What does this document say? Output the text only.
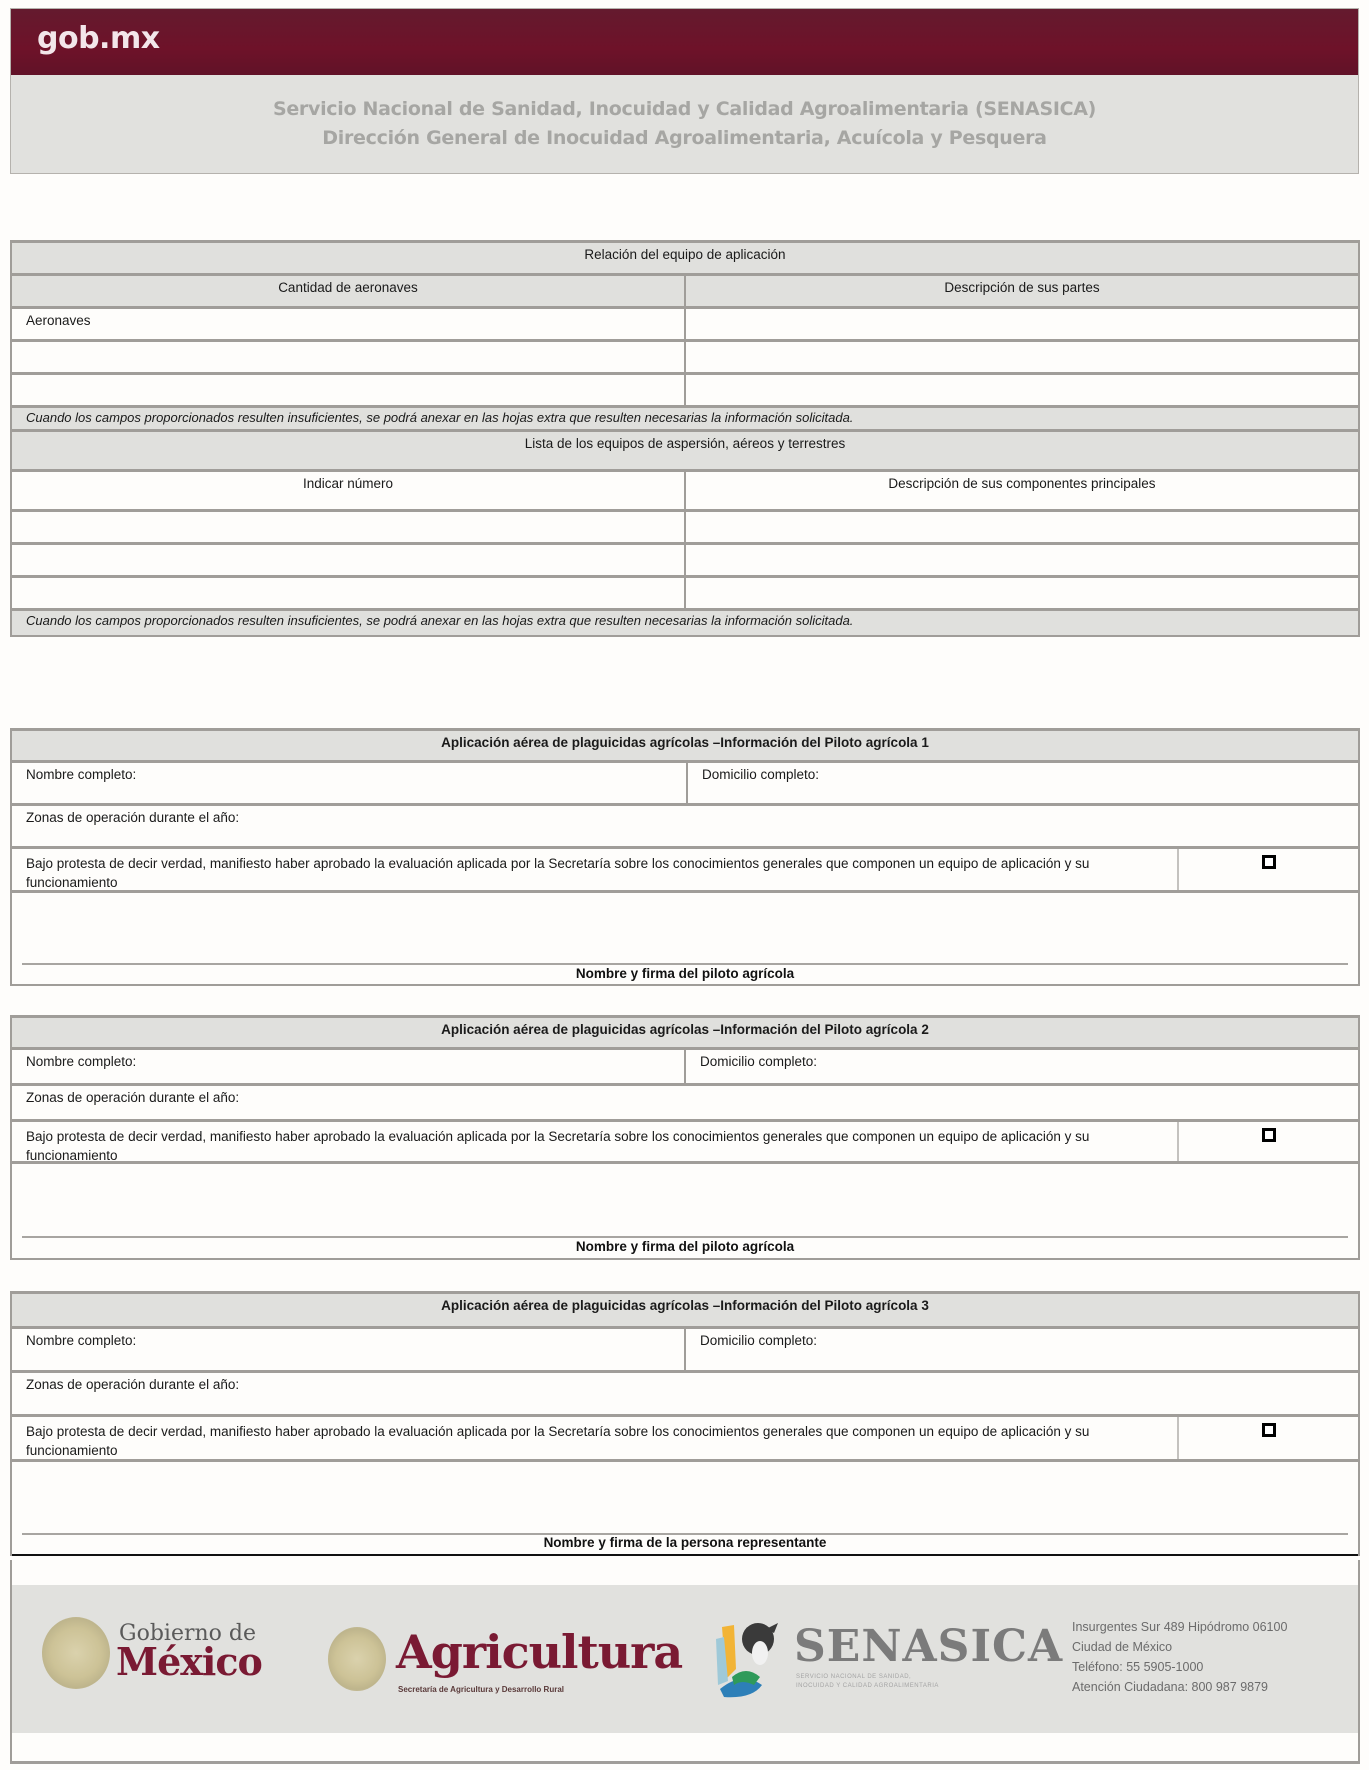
gob.mx
Servicio Nacional de Sanidad, Inocuidad y Calidad Agroalimentaria (SENASICA)
Dirección General de Inocuidad Agroalimentaria, Acuícola y Pesquera
Relación del equipo de aplicación
Cantidad de aeronaves	Descripción de sus partes
Aeronaves
Cuando los campos proporcionados resulten insuficientes, se podrá anexar en las hojas extra que resulten necesarias la información solicitada.
Lista de los equipos de aspersión, aéreos y terrestres
Indicar número	Descripción de sus componentes principales
Cuando los campos proporcionados resulten insuficientes, se podrá anexar en las hojas extra que resulten necesarias la información solicitada.
Aplicación aérea de plaguicidas agrícolas –Información del Piloto agrícola 1
Nombre completo:	Domicilio completo:
Zonas de operación durante el año:
Bajo protesta de decir verdad, manifiesto haber aprobado la evaluación aplicada por la Secretaría sobre los conocimientos generales que componen un equipo de aplicación y su funcionamiento
Nombre y firma del piloto agrícola
Aplicación aérea de plaguicidas agrícolas –Información del Piloto agrícola 2
Nombre completo:	Domicilio completo:
Zonas de operación durante el año:
Bajo protesta de decir verdad, manifiesto haber aprobado la evaluación aplicada por la Secretaría sobre los conocimientos generales que componen un equipo de aplicación y su funcionamiento
Nombre y firma del piloto agrícola
Aplicación aérea de plaguicidas agrícolas –Información del Piloto agrícola 3
Nombre completo:	Domicilio completo:
Zonas de operación durante el año:
Bajo protesta de decir verdad, manifiesto haber aprobado la evaluación aplicada por la Secretaría sobre los conocimientos generales que componen un equipo de aplicación y su funcionamiento
Nombre y firma de la persona representante
Gobierno de
México	Agricultura
Secretaría de Agricultura y Desarrollo Rural
SENASICA
SERVICIO NACIONAL DE SANIDAD,
INOCUIDAD Y CALIDAD AGROALIMENTARIA
Insurgentes Sur 489 Hipódromo 06100
Ciudad de México
Teléfono: 55 5905-1000
Atención Ciudadana: 800 987 9879
